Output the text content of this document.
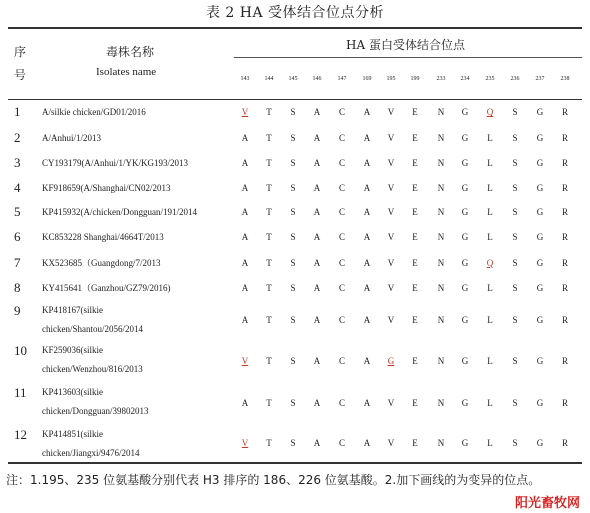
表 2 HA 受体结合位点分析
序
号
毒株名称
Isolates name
HA 蛋白受体结合位点
143	144	145	146	147	169	195	199	233	234	235	236	237	238
1 A/silkie chicken/GD01/2016	V	T	S	A	C	A	V	E	N	G	Q	S	G	R
2 A/Anhui/1/2013	A	T	S	A	C	A	V	E	N	G	L	S	G	R
3 CY193179(A/Anhui/1/YK/KG193/2013	A	T	S	A	C	A	V	E	N	G	L	S	G	R
4 KF918659(A/Shanghai/CN02/2013	A	T	S	A	C	A	V	E	N	G	L	S	G	R
5 KP415932(A/chicken/Dongguan/191/2014	A	T	S	A	C	A	V	E	N	G	L	S	G	R
6 KC853228 Shanghai/4664T/2013	A	T	S	A	C	A	V	E	N	G	L	S	G	R
7 KX523685（Guangdong/7/2013	A	T	S	A	C	A	V	E	N	G	Q	S	G	R
8 KY415641（Ganzhou/GZ79/2016)	A	T	S	A	C	A	V	E	N	G	L	S	G	R
9 KP418167(silkie
chicken/Shantou/2056/2014
A	T	S	A	C	A	V	E	N	G	L	S	G	R
10 KF259036(silkie
chicken/Wenzhou/816/2013
V	T	S	A	C	A	G	E	N	G	L	S	G	R
11 KP413603(silkie
chicken/Dongguan/39802013
A	T	S	A	C	A	V	E	N	G	L	S	G	R
12 KP414851(silkie
chicken/Jiangxi/9476/2014
V	T	S	A	C	A	V	E	N	G	L	S	G	R
注：1.195、235 位氨基酸分别代表 H3 排序的 186、226 位氨基酸。2.加下画线的为变异的位点。
阳光畜牧网
